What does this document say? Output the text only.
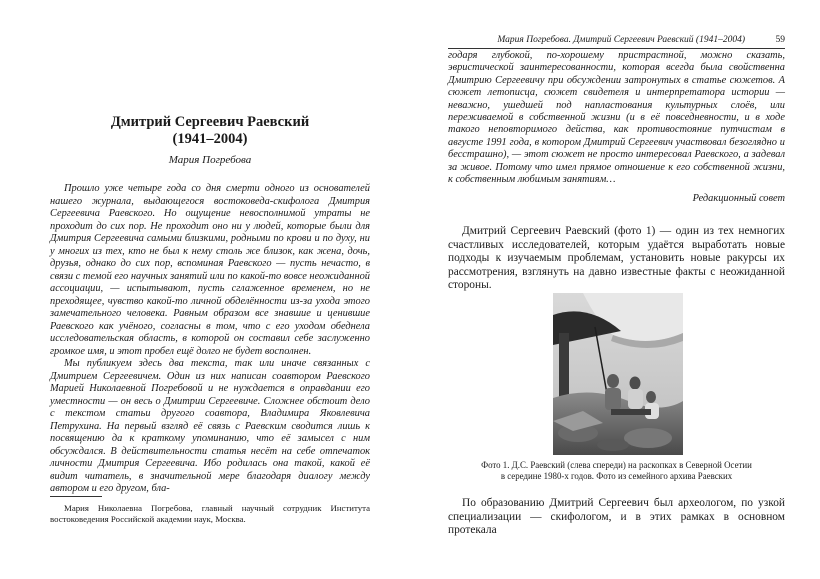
Дмитрий Сергеевич Раевский
(1941–2004)

Мария Погребова

Прошло уже четыре года со дня смерти одного из основателей нашего журнала, выдающегося востоковеда-скифолога Дмитрия Сергеевича Раевского. Но ощущение невосполнимой утраты не проходит до сих пор. Не проходит оно ни у людей, которые были для Дмитрия Сергеевича самыми близкими, родными по крови и по духу, ни у многих из тех, кто не был к нему столь же близок, как жена, дочь, друзья, однако до сих пор, вспоминая Раевского — пусть нечасто, в связи с темой его научных занятий или по какой-то вовсе неожиданной ассоциации, — испытывают, пусть сглаженное временем, но не преходящее, чувство какой-то личной обделённости из-за ухода этого замечательного человека. Равным образом все знавшие и ценившие Раевского как учёного, согласны в том, что с его уходом обеднела исследовательская область, в которой он составил себе заслуженно громкое имя, и этот пробел ещё долго не будет восполнен.

Мы публикуем здесь два текста, так или иначе связанных с Дмитрием Сергеевичем. Один из них написан соавтором Раевского Марией Николаевной Погребовой и не нуждается в оправдании его уместности — он весь о Дмитрии Сергеевиче. Сложнее обстоит дело с текстом статьи другого соавтора, Владимира Яковлевича Петрухина. На первый взгляд её связь с Раевским сводится лишь к посвящению да к краткому упоминанию, что её замысел с ним обсуждался. В действительности статья несёт на себе отпечаток личности Дмитрия Сергеевича. Ибо родилась она такой, какой её видит читатель, в значительной мере благодаря диалогу между автором и его другом, бла-

Мария Николаевна Погребова, главный научный сотрудник Института востоковедения Российской академии наук, Москва.

Мария Погребова. Дмитрий Сергеевич Раевский (1941–2004)	59

годаря глубокой, по-хорошему пристрастной, можно сказать, эвристической заинтересованности, которая всегда была свойственна Дмитрию Сергеевичу при обсуждении затронутых в статье сюжетов. А сюжет летописца, сюжет свидетеля и интерпретатора истории — неважно, ушедшей под напластования культурных слоёв, или переживаемой в собственной жизни (и в её повседневности, и в ходе такого неповторимого действа, как противостояние путчистам в августе 1991 года, в котором Дмитрий Сергеевич участвовал безоглядно и бесстрашно), — этот сюжет не просто интересовал Раевского, а задевал за живое. Потому что имел прямое отношение к его собственной жизни, к собственным любимым занятиям…

Редакционный совет

Дмитрий Сергеевич Раевский (фото 1) — один из тех немногих счастливых исследователей, которым удаётся выработать новые подходы к изучаемым проблемам, установить новые ракурсы их рассмотрения, взглянуть на давно известные факты с неожиданной стороны.

Фото 1. Д.С. Раевский (слева спереди) на раскопках в Северной Осетии
в середине 1980-х годов. Фото из семейного архива Раевских

По образованию Дмитрий Сергеевич был археологом, по узкой специализации — скифологом, и в этих рамках в основном протекала
